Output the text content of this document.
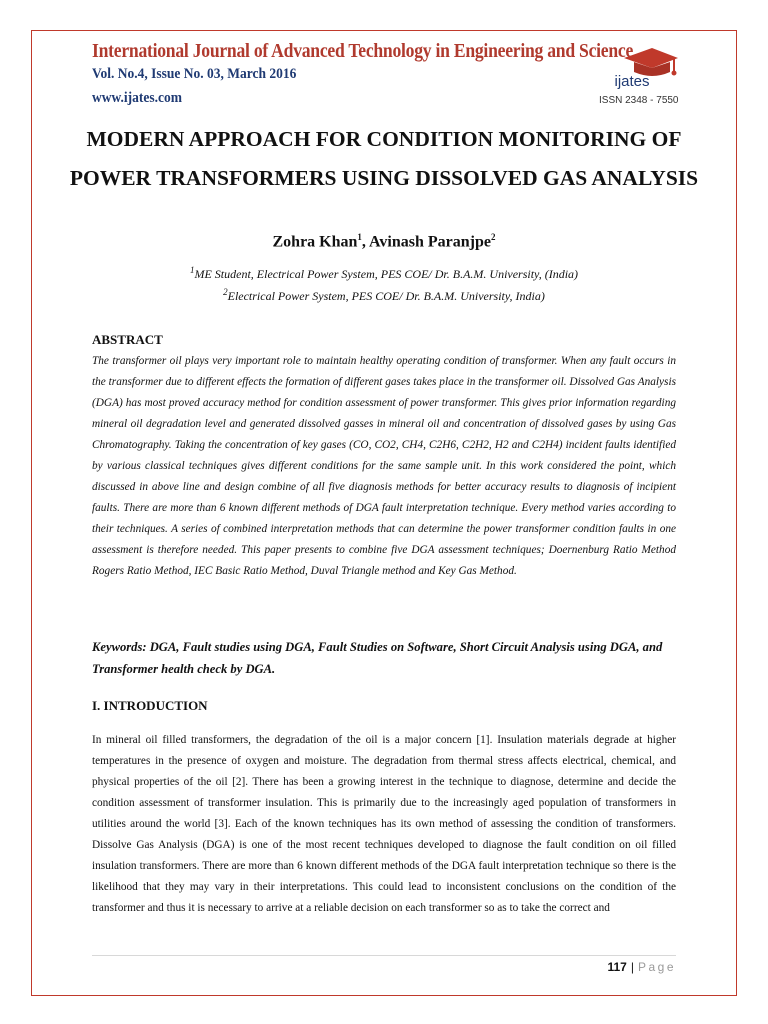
International Journal of Advanced Technology in Engineering and Science
Vol. No.4, Issue No. 03, March 2016
www.ijates.com
ijates
ISSN 2348 - 7550
MODERN APPROACH FOR CONDITION MONITORING OF POWER TRANSFORMERS USING DISSOLVED GAS ANALYSIS
Zohra Khan$^1$, Avinash Paranjpe$^2$
$^1$ME Student, Electrical Power System, PES COE/ Dr. B.A.M. University, (India)
$^2$Electrical Power System, PES COE/ Dr. B.A.M. University, India)
ABSTRACT
The transformer oil plays very important role to maintain healthy operating condition of transformer. When any fault occurs in the transformer due to different effects the formation of different gases takes place in the transformer oil. Dissolved Gas Analysis (DGA) has most proved accuracy method for condition assessment of power transformer. This gives prior information regarding mineral oil degradation level and generated dissolved gasses in mineral oil and concentration of dissolved gases by using Gas Chromatography. Taking the concentration of key gases (CO, CO2, CH4, C2H6, C2H2, H2 and C2H4) incident faults identified by various classical techniques gives different conditions for the same sample unit. In this work considered the point, which discussed in above line and design combine of all five diagnosis methods for better accuracy results to diagnosis of incipient faults. There are more than 6 known different methods of DGA fault interpretation technique. Every method varies according to their techniques. A series of combined interpretation methods that can determine the power transformer condition faults in one assessment is therefore needed. This paper presents to combine five DGA assessment techniques; Doernenburg Ratio Method Rogers Ratio Method, IEC Basic Ratio Method, Duval Triangle method and Key Gas Method.
Keywords: DGA, Fault studies using DGA, Fault Studies on Software, Short Circuit Analysis using DGA, and Transformer health check by DGA.
I. INTRODUCTION
In mineral oil filled transformers, the degradation of the oil is a major concern [1]. Insulation materials degrade at higher temperatures in the presence of oxygen and moisture. The degradation from thermal stress affects electrical, chemical, and physical properties of the oil [2]. There has been a growing interest in the technique to diagnose, determine and decide the condition assessment of transformer insulation. This is primarily due to the increasingly aged population of transformers in utilities around the world [3]. Each of the known techniques has its own method of assessing the condition of transformers. Dissolve Gas Analysis (DGA) is one of the most recent techniques developed to diagnose the fault condition on oil filled insulation transformers. There are more than 6 known different methods of the DGA fault interpretation technique so there is the likelihood that they may vary in their interpretations. This could lead to inconsistent conclusions on the condition of the transformer and thus it is necessary to arrive at a reliable decision on each transformer so as to take the correct and
117 | Page
